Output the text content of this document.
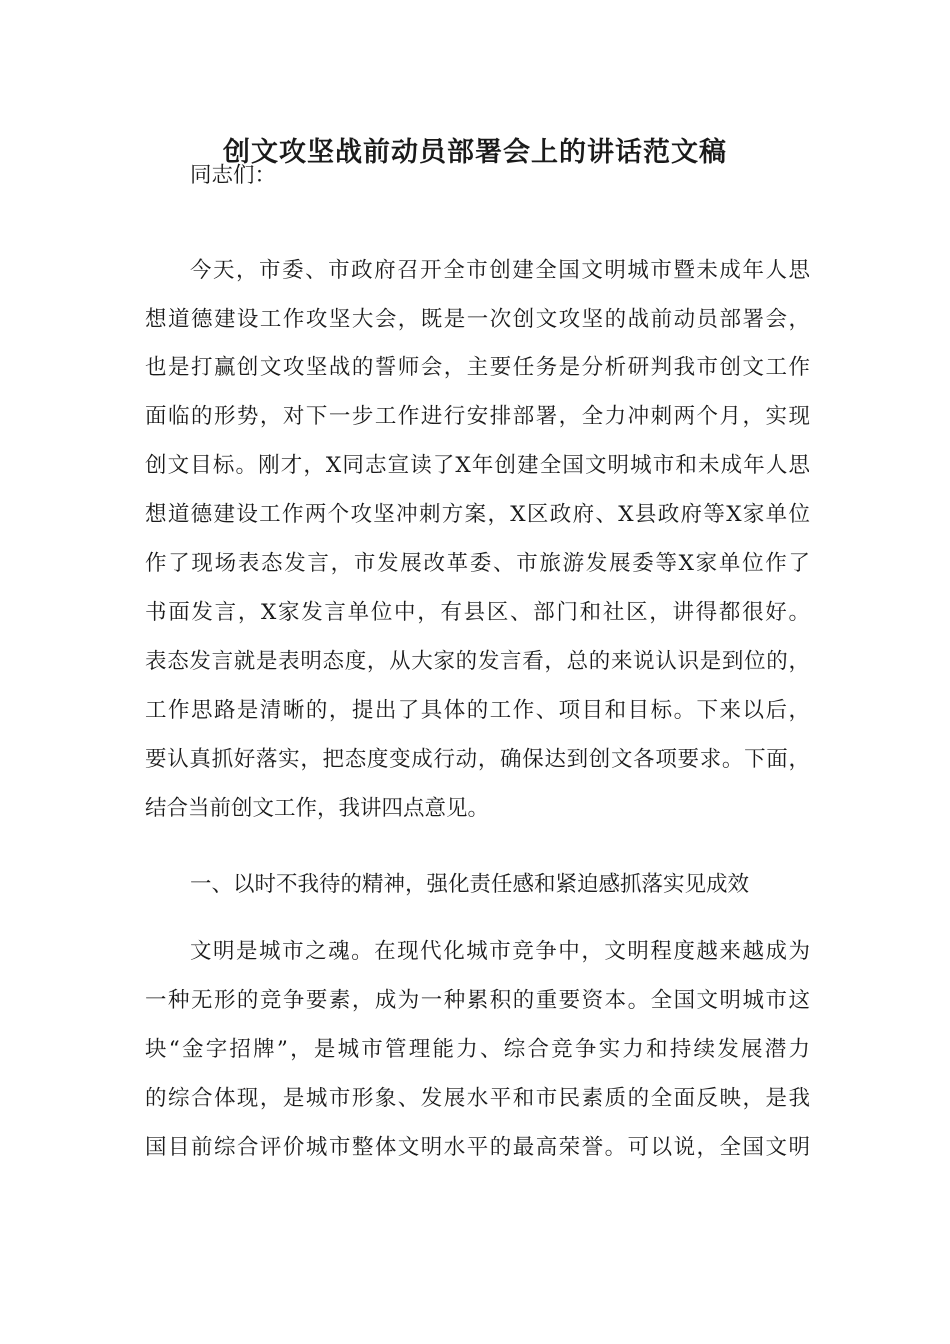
创文攻坚战前动员部署会上的讲话范文稿

同志们：

今天，市委、市政府召开全市创建全国文明城市暨未成年人思

想道德建设工作攻坚大会，既是一次创文攻坚的战前动员部署会，

也是打赢创文攻坚战的誓师会，主要任务是分析研判我市创文工作

面临的形势，对下一步工作进行安排部署，全力冲刺两个月，实现

创文目标。刚才，X同志宣读了X年创建全国文明城市和未成年人思

想道德建设工作两个攻坚冲刺方案，X区政府、X县政府等X家单位

作了现场表态发言，市发展改革委、市旅游发展委等X家单位作了

书面发言，X家发言单位中，有县区、部门和社区，讲得都很好。

表态发言就是表明态度，从大家的发言看，总的来说认识是到位的，

工作思路是清晰的，提出了具体的工作、项目和目标。下来以后，

要认真抓好落实，把态度变成行动，确保达到创文各项要求。下面，

结合当前创文工作，我讲四点意见。

一、以时不我待的精神，强化责任感和紧迫感抓落实见成效

文明是城市之魂。在现代化城市竞争中，文明程度越来越成为

一种无形的竞争要素，成为一种累积的重要资本。全国文明城市这

块“金字招牌”，是城市管理能力、综合竞争实力和持续发展潜力

的综合体现，是城市形象、发展水平和市民素质的全面反映，是我

国目前综合评价城市整体文明水平的最高荣誉。可以说，全国文明
